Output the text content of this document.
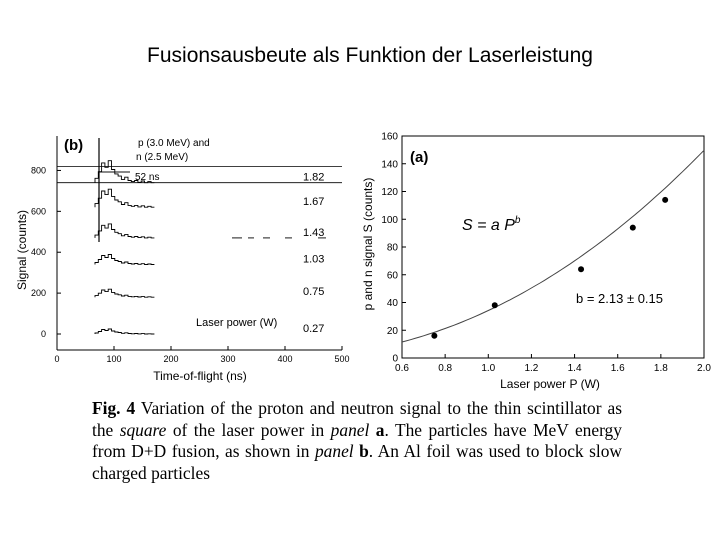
Fusionsausbeute als Funktion der Laserleistung
0	100	200	300	400	500
0
200
400
600
800
0.27
0.75
1.03
1.43
1.67
1.82
(b)	p (3.0 MeV) and
n (2.5 MeV)
52 ns
Laser power (W)
Time-of-flight (ns)
Signal (counts)
0.6	0.8	1.0	1.2	1.4	1.6	1.8	2.0
0
20
40
60
80
100
120
140
160
(a)
S = a $P^b$
b = 2.13 ± 0.15
Laser power P (W)
p and n signal S (counts)
Fig. 4 Variation of the proton and neutron signal to the thin scintillator as the square of the laser power in panel a. The particles have MeV energy from D+D fusion, as shown in panel b. An Al foil was used to block slow charged particles
